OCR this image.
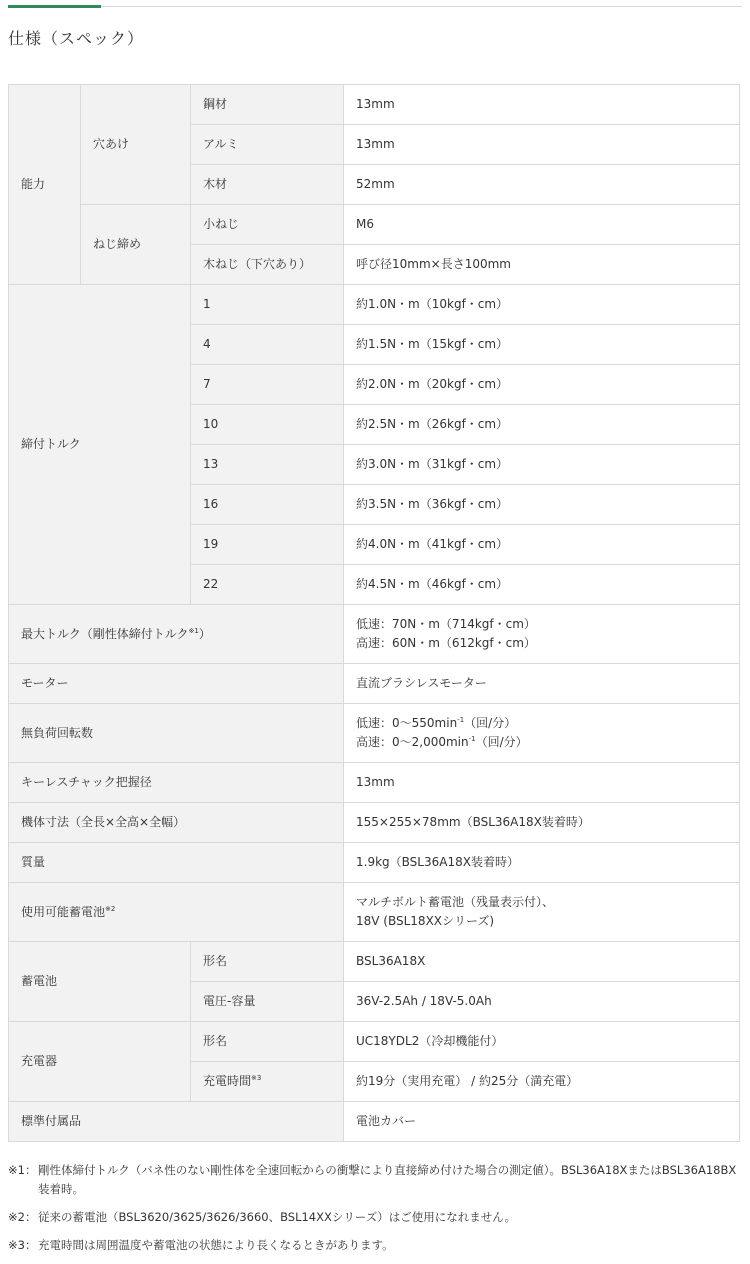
仕様（スペック）
能力	穴あけ	鋼材	13mm
		アルミ	13mm
		木材	52mm
	ねじ締め	小ねじ	M6
		木ねじ（下穴あり）	呼び径10mm×長さ100mm
締付トルク		1	約1.0N・m（10kgf・cm）
		4	約1.5N・m（15kgf・cm）
		7	約2.0N・m（20kgf・cm）
		10	約2.5N・m（26kgf・cm）
		13	約3.0N・m（31kgf・cm）
		16	約3.5N・m（36kgf・cm）
		19	約4.0N・m（41kgf・cm）
		22	約4.5N・m（46kgf・cm）
最大トルク（剛性体締付トルク$^{※1}$）			低速：70N・m（714kgf・cm）
高速：60N・m（612kgf・cm）

モーター			直流ブラシレスモーター
無負荷回転数			低速：0〜$550\min^{-1}$（回/分）
高速：0〜$2,000\min^{-1}$（回/分）

キーレスチャック把握径			13mm
機体寸法（全長×全高×全幅）			155×255×78mm（BSL36A18X装着時）
質量			1.9kg（BSL36A18X装着時）
使用可能蓄電池$^{※2}$			マルチボルト蓄電池（残量表示付）、
18V (BSL18XXシリーズ)

蓄電池		形名	BSL36A18X
		電圧-容量	36V-2.5Ah / 18V-5.0Ah
充電器		形名	UC18YDL2（冷却機能付）
		充電時間$^{※3}$	約19分（実用充電） / 約25分（満充電）
標準付属品			電池カバー
※1： 剛性体締付トルク（バネ性のない剛性体を全速回転からの衝撃により直接締め付けた場合の測定値）。BSL36A18XまたはBSL36A18BX装着時。
※2： 従来の蓄電池（BSL3620/3625/3626/3660、BSL14XXシリーズ）はご使用になれません。
※3： 充電時間は周囲温度や蓄電池の状態により長くなるときがあります。
